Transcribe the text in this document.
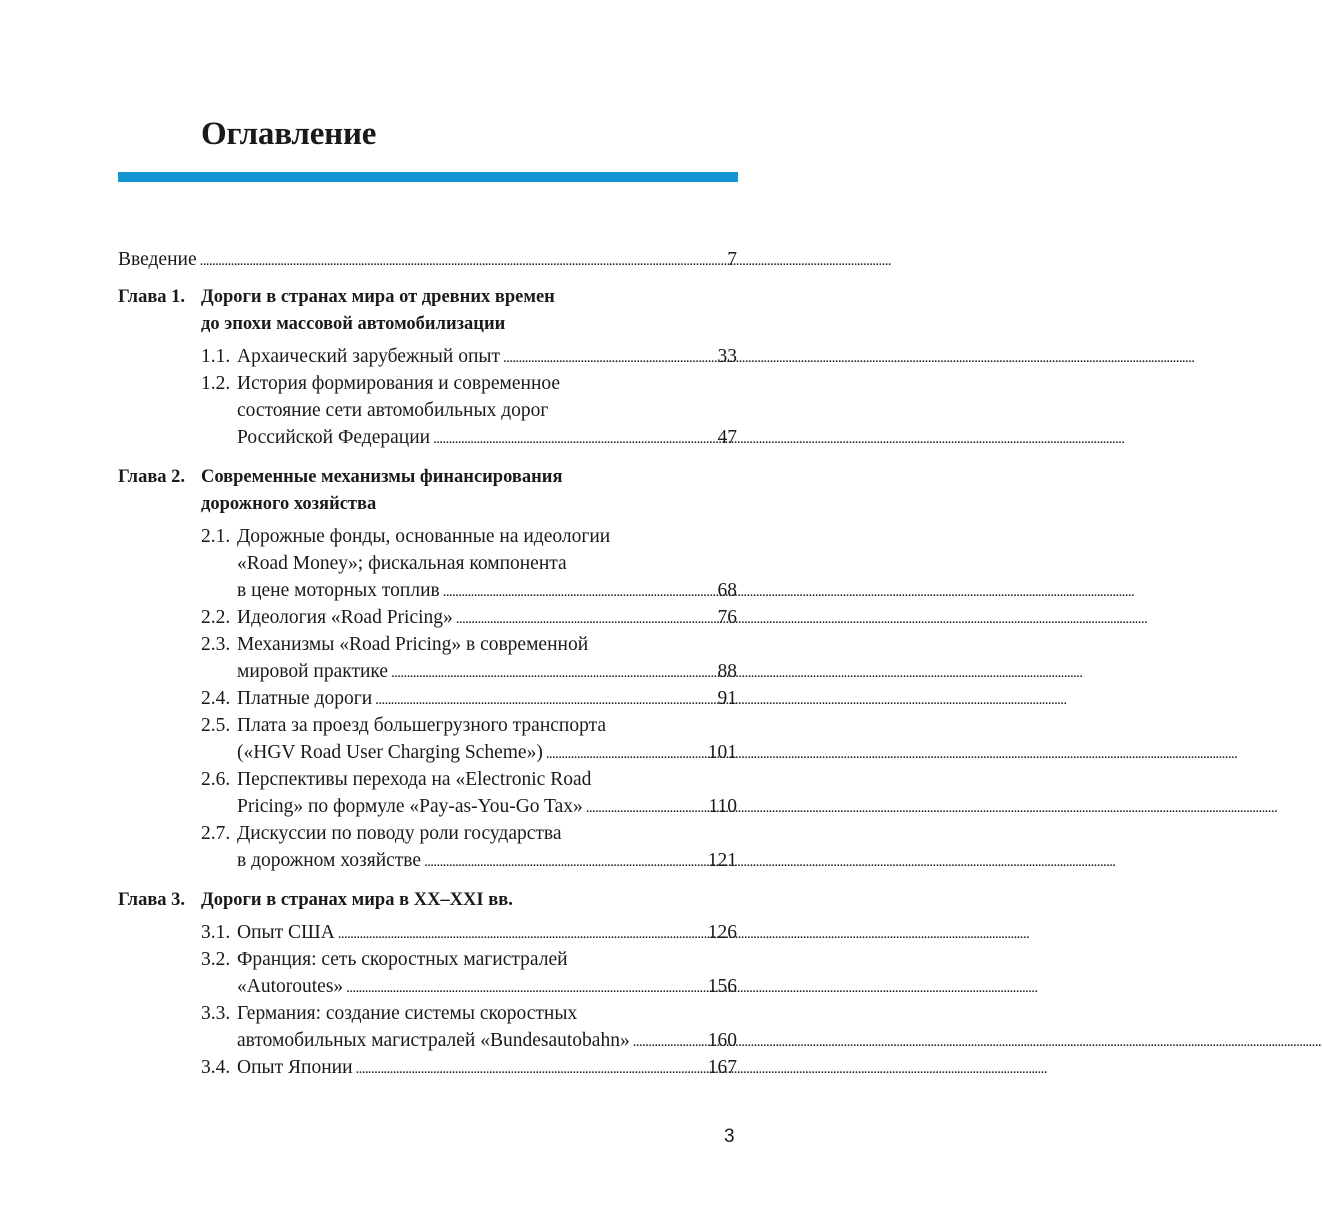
Оглавление
Введение . . .	7
Глава 1. Дороги в странах мира от древних времен
до эпохи массовой автомобилизации
1.1. Архаический зарубежный опыт . . .	33
1.2. История формирования и современное
состояние сети автомобильных дорог
Российской Федерации . . .	47
Глава 2. Современные механизмы финансирования
дорожного хозяйства
2.1. Дорожные фонды, основанные на идеологии
«Road Money»; фискальная компонента
в цене моторных топлив . . .	68
2.2. Идеология «Road Pricing» . . .	76
2.3. Механизмы «Road Pricing» в современной
мировой практике . . .	88
2.4. Платные дороги . . .	91
2.5. Плата за проезд большегрузного транспорта
(«HGV Road User Charging Scheme») . . .	101
2.6. Перспективы перехода на «Electronic Road
Pricing» по формуле «Pay-as-You-Go Tax» . . .	110
2.7. Дискуссии по поводу роли государства
в дорожном хозяйстве . . .	121
Глава 3. Дороги в странах мира в XX–XXI вв.
3.1. Опыт США . . .	126
3.2. Франция: сеть скоростных магистралей
«Autoroutes» . . .	156
3.3. Германия: создание системы скоростных
автомобильных магистралей «Bundesautobahn» . . .	160
3.4. Опыт Японии . . .	167
3
